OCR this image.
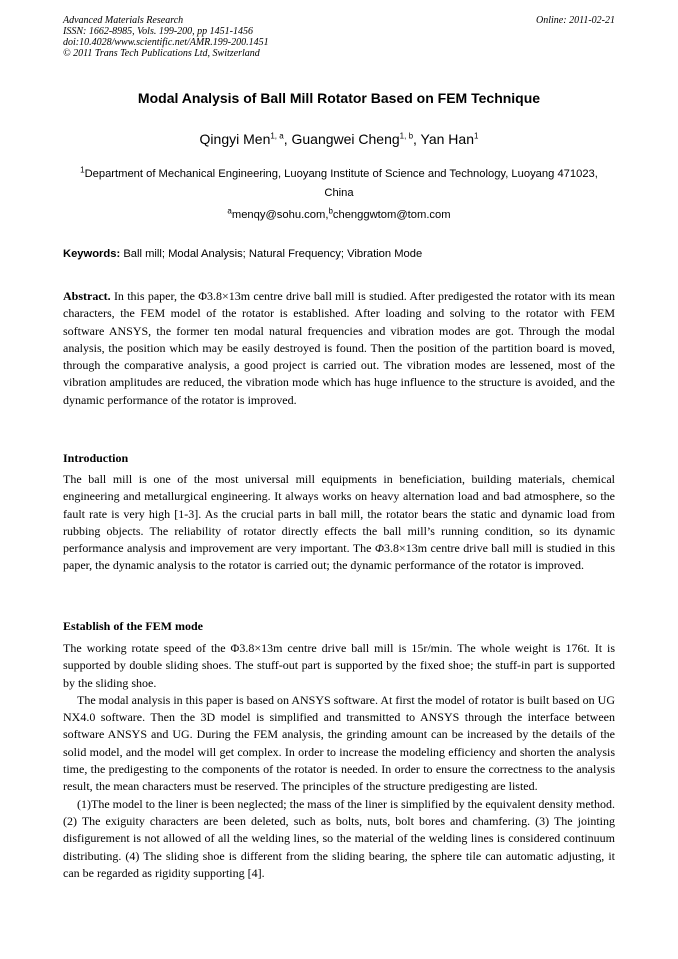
Advanced Materials Research
ISSN: 1662-8985, Vols. 199-200, pp 1451-1456
doi:10.4028/www.scientific.net/AMR.199-200.1451
© 2011 Trans Tech Publications Ltd, Switzerland
Online: 2011-02-21
Modal Analysis of Ball Mill Rotator Based on FEM Technique
Qingyi Men$^{1, a}$, Guangwei Cheng$^{1, b}$, Yan Han$^1$
$^1$Department of Mechanical Engineering, Luoyang Institute of Science and Technology, Luoyang 471023, China
$^a$menqy@sohu.com,$^b$chenggwtom@tom.com
Keywords: Ball mill; Modal Analysis; Natural Frequency; Vibration Mode

Abstract. In this paper, the Φ3.8×13m centre drive ball mill is studied. After predigested the rotator with its mean characters, the FEM model of the rotator is established. After loading and solving to the rotator with FEM software ANSYS, the former ten modal natural frequencies and vibration modes are got. Through the modal analysis, the position which may be easily destroyed is found. Then the position of the partition board is moved, through the comparative analysis, a good project is carried out. The vibration modes are lessened, most of the vibration amplitudes are reduced, the vibration mode which has huge influence to the structure is avoided, and the dynamic performance of the rotator is improved.

Introduction

The ball mill is one of the most universal mill equipments in beneficiation, building materials, chemical engineering and metallurgical engineering. It always works on heavy alternation load and bad atmosphere, so the fault rate is very high [1-3]. As the crucial parts in ball mill, the rotator bears the static and dynamic load from rubbing objects. The reliability of rotator directly effects the ball mill’s running condition, so its dynamic performance analysis and improvement are very important. The Φ3.8×13m centre drive ball mill is studied in this paper, the dynamic analysis to the rotator is carried out; the dynamic performance of the rotator is improved.

Establish of the FEM mode

The working rotate speed of the Φ3.8×13m centre drive ball mill is 15r/min. The whole weight is 176t. It is supported by double sliding shoes. The stuff-out part is supported by the fixed shoe; the stuff-in part is supported by the sliding shoe.

The modal analysis in this paper is based on ANSYS software. At first the model of rotator is built based on UG NX4.0 software. Then the 3D model is simplified and transmitted to ANSYS through the interface between software ANSYS and UG. During the FEM analysis, the grinding amount can be increased by the details of the solid model, and the model will get complex. In order to increase the modeling efficiency and shorten the analysis time, the predigesting to the components of the rotator is needed. In order to ensure the correctness to the analysis result, the mean characters must be reserved. The principles of the structure predigesting are listed.

(1)The model to the liner is been neglected; the mass of the liner is simplified by the equivalent density method. (2) The exiguity characters are been deleted, such as bolts, nuts, bolt bores and chamfering. (3) The jointing disfigurement is not allowed of all the welding lines, so the material of the welding lines is considered continuum distributing. (4) The sliding shoe is different from the sliding bearing, the sphere tile can automatic adjusting, it can be regarded as rigidity supporting [4].
